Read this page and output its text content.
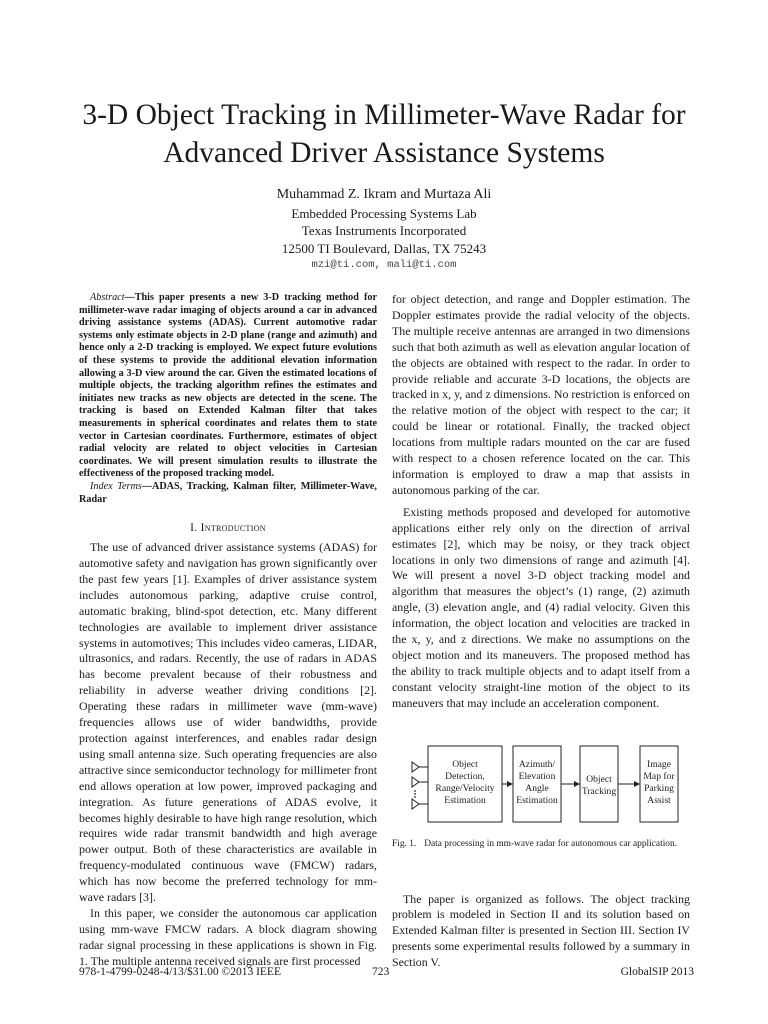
3-D Object Tracking in Millimeter-Wave Radar for
Advanced Driver Assistance Systems
Muhammad Z. Ikram and Murtaza Ali
Embedded Processing Systems Lab
Texas Instruments Incorporated
12500 TI Boulevard, Dallas, TX 75243
mzi@ti.com, mali@ti.com

Abstract—This paper presents a new 3-D tracking method for millimeter-wave radar imaging of objects around a car in advanced driving assistance systems (ADAS). Current automotive radar systems only estimate objects in 2-D plane (range and azimuth) and hence only a 2-D tracking is employed. We expect future evolutions of these systems to provide the additional elevation information allowing a 3-D view around the car. Given the estimated locations of multiple objects, the tracking algorithm refines the estimates and initiates new tracks as new objects are detected in the scene. The tracking is based on Extended Kalman filter that takes measurements in spherical coordinates and relates them to state vector in Cartesian coordinates. Furthermore, estimates of object radial velocity are related to object velocities in Cartesian coordinates. We will present simulation results to illustrate the effectiveness of the proposed tracking model.

Index Terms—ADAS, Tracking, Kalman filter, Millimeter-Wave, Radar

I. Introduction

The use of advanced driver assistance systems (ADAS) for automotive safety and navigation has grown significantly over the past few years [1]. Examples of driver assistance system includes autonomous parking, adaptive cruise control, automatic braking, blind-spot detection, etc. Many different technologies are available to implement driver assistance systems in automotives; This includes video cameras, LIDAR, ultrasonics, and radars. Recently, the use of radars in ADAS has become prevalent because of their robustness and reliability in adverse weather driving conditions [2]. Operating these radars in millimeter wave (mm-wave) frequencies allows use of wider bandwidths, provide protection against interferences, and enables radar design using small antenna size. Such operating frequencies are also attractive since semiconductor technology for millimeter front end allows operation at low power, improved packaging and integration. As future generations of ADAS evolve, it becomes highly desirable to have high range resolution, which requires wide radar transmit bandwidth and high average power output. Both of these characteristics are available in frequency-modulated continuous wave (FMCW) radars, which has now become the preferred technology for mm-wave radars [3].

In this paper, we consider the autonomous car application using mm-wave FMCW radars. A block diagram showing radar signal processing in these applications is shown in Fig. 1. The multiple antenna received signals are first processed

for object detection, and range and Doppler estimation. The Doppler estimates provide the radial velocity of the objects. The multiple receive antennas are arranged in two dimensions such that both azimuth as well as elevation angular location of the objects are obtained with respect to the radar. In order to provide reliable and accurate 3-D locations, the objects are tracked in x, y, and z dimensions. No restriction is enforced on the relative motion of the object with respect to the car; it could be linear or rotational. Finally, the tracked object locations from multiple radars mounted on the car are fused with respect to a chosen reference located on the car. This information is employed to draw a map that assists in autonomous parking of the car.

Existing methods proposed and developed for automotive applications either rely only on the direction of arrival estimates [2], which may be noisy, or they track object locations in only two dimensions of range and azimuth [4]. We will present a novel 3-D object tracking model and algorithm that measures the object’s (1) range, (2) azimuth angle, (3) elevation angle, and (4) radial velocity. Given this information, the object location and velocities are tracked in the x, y, and z directions. We make no assumptions on the object motion and its maneuvers. The proposed method has the ability to track multiple objects and to adapt itself from a constant velocity straight-line motion of the object to its maneuvers that may include an acceleration component.

Object
Detection,
Range/Velocity
Estimation
Azimuth/
Elevation
Angle
Estimation
Object
Tracking
Image
Map for
Parking
Assist
Fig. 1. Data processing in mm-wave radar for autonomous car application.

The paper is organized as follows. The object tracking problem is modeled in Section II and its solution based on Extended Kalman filter is presented in Section III. Section IV presents some experimental results followed by a summary in Section V.

978-1-4799-0248-4/13/$31.00 ©2013 IEEE	723	GlobalSIP 2013
